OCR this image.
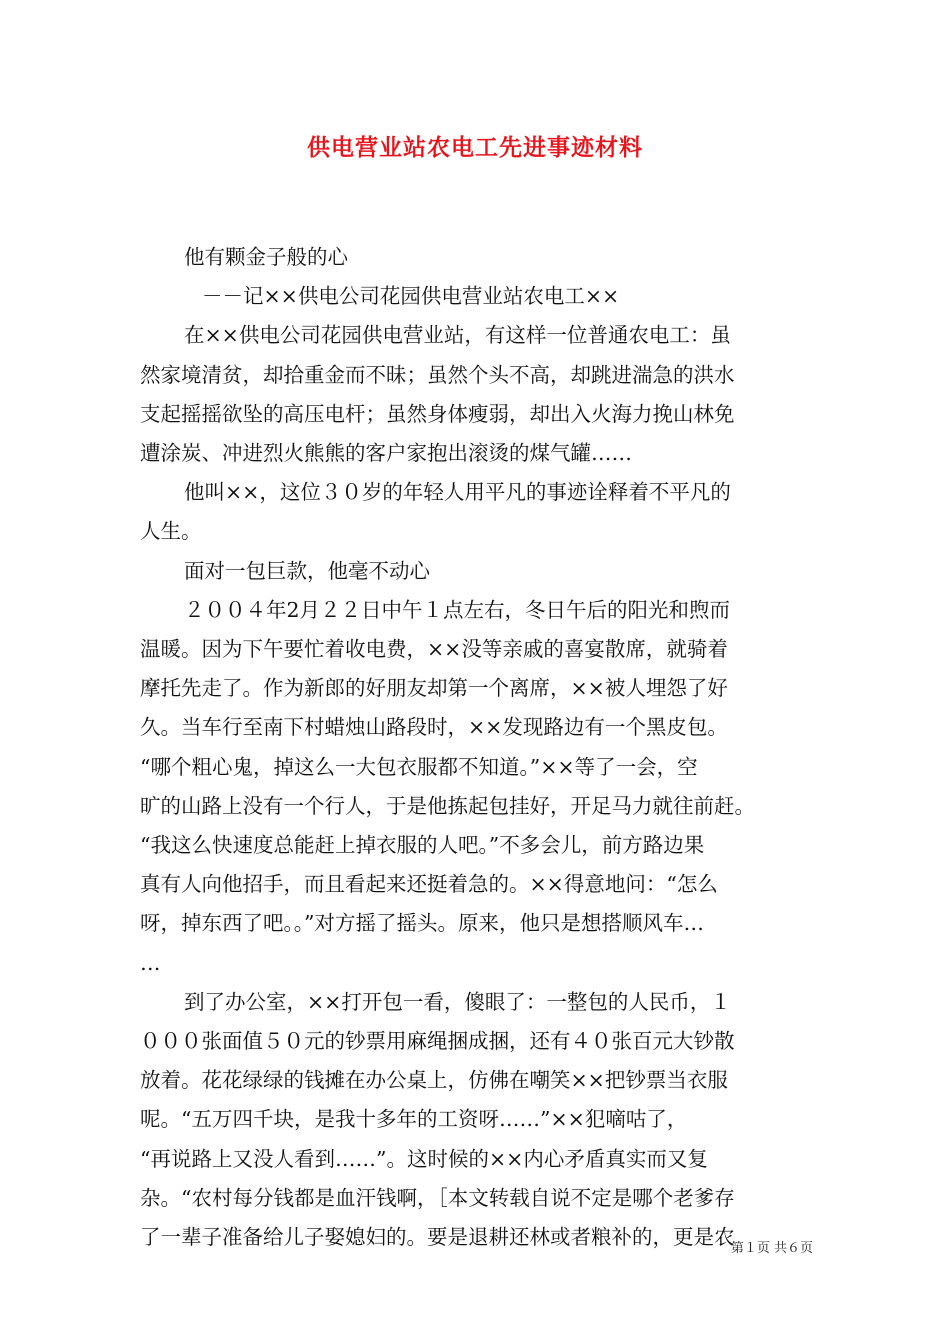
供电营业站农电工先进事迹材料

他有颗金子般的心

－－记××供电公司花园供电营业站农电工××

在××供电公司花园供电营业站，有这样一位普通农电工：虽

然家境清贫，却拾重金而不昧；虽然个头不高，却跳进湍急的洪水

支起摇摇欲坠的高压电杆；虽然身体瘦弱，却出入火海力挽山林免

遭涂炭、冲进烈火熊熊的客户家抱出滚烫的煤气罐……

他叫××，这位３０岁的年轻人用平凡的事迹诠释着不平凡的

人生。

面对一包巨款，他毫不动心

２００４年2月２２日中午１点左右，冬日午后的阳光和煦而

温暖。因为下午要忙着收电费，××没等亲戚的喜宴散席，就骑着

摩托先走了。作为新郎的好朋友却第一个离席，××被人埋怨了好

久。当车行至南下村蜡烛山路段时，××发现路边有一个黑皮包。

“哪个粗心鬼，掉这么一大包衣服都不知道。”××等了一会，空

旷的山路上没有一个行人，于是他拣起包挂好，开足马力就往前赶。

“我这么快速度总能赶上掉衣服的人吧。”不多会儿，前方路边果

真有人向他招手，而且看起来还挺着急的。××得意地问：“怎么

呀，掉东西了吧。。”对方摇了摇头。原来，他只是想搭顺风车…

…

到了办公室，××打开包一看，傻眼了：一整包的人民币，１

０００张面值５０元的钞票用麻绳捆成捆，还有４０张百元大钞散

放着。花花绿绿的钱摊在办公桌上，仿佛在嘲笑××把钞票当衣服

呢。“五万四千块，是我十多年的工资呀……”××犯嘀咕了，

“再说路上又没人看到……”。这时候的××内心矛盾真实而又复

杂。“农村每分钱都是血汗钱啊，［本文转载自说不定是哪个老爹存

了一辈子准备给儿子娶媳妇的。要是退耕还林或者粮补的，更是农

第１页 共６页
